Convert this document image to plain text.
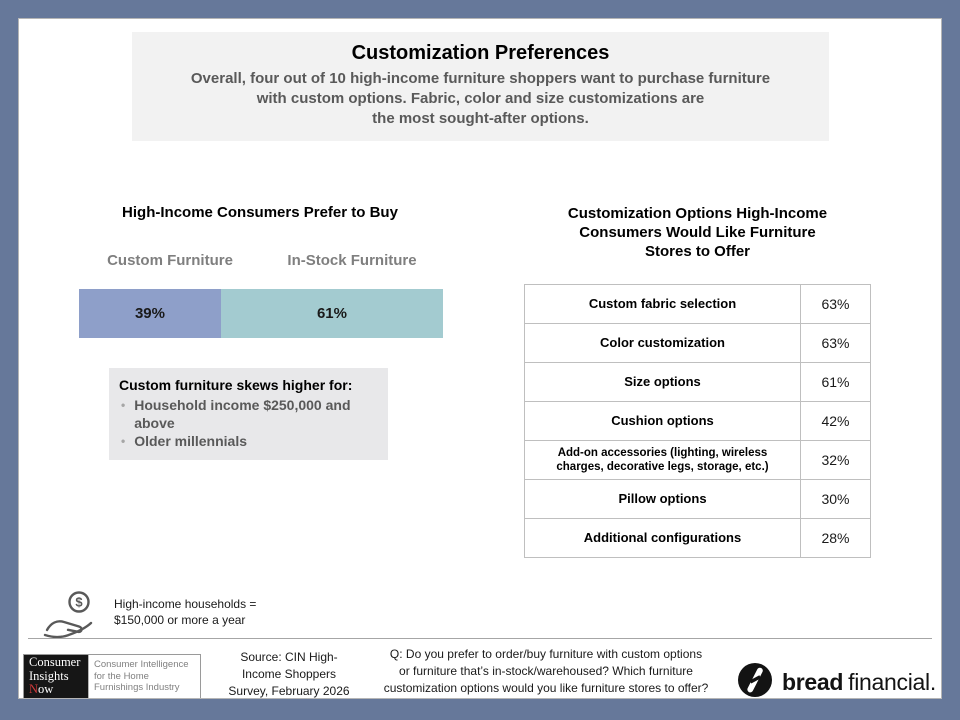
Customization Preferences
Overall, four out of 10 high-income furniture shoppers want to purchase furniture
with custom options. Fabric, color and size customizations are
the most sought-after options.
High-Income Consumers Prefer to Buy
Custom Furniture	In-Stock Furniture
39%	61%
Custom furniture skews higher for:
• Household income $250,000 and above
• Older millennials
Customization Options High-Income
Consumers Would Like Furniture
Stores to Offer
Custom fabric selection	63%
Color customization	63%
Size options	61%
Cushion options	42%
Add-on accessories (lighting, wireless charges, decorative legs, storage, etc.)	32%
Pillow options	30%
Additional configurations	28%
$	High-income households =
$150,000 or more a year
Consumer
Insights
Now
Consumer Intelligence
for the Home
Furnishings Industry
Source: CIN High-
Income Shoppers
Survey, February 2026
Q: Do you prefer to order/buy furniture with custom options
or furniture that’s in-stock/warehoused? Which furniture
customization options would you like furniture stores to offer?	bread financial.
